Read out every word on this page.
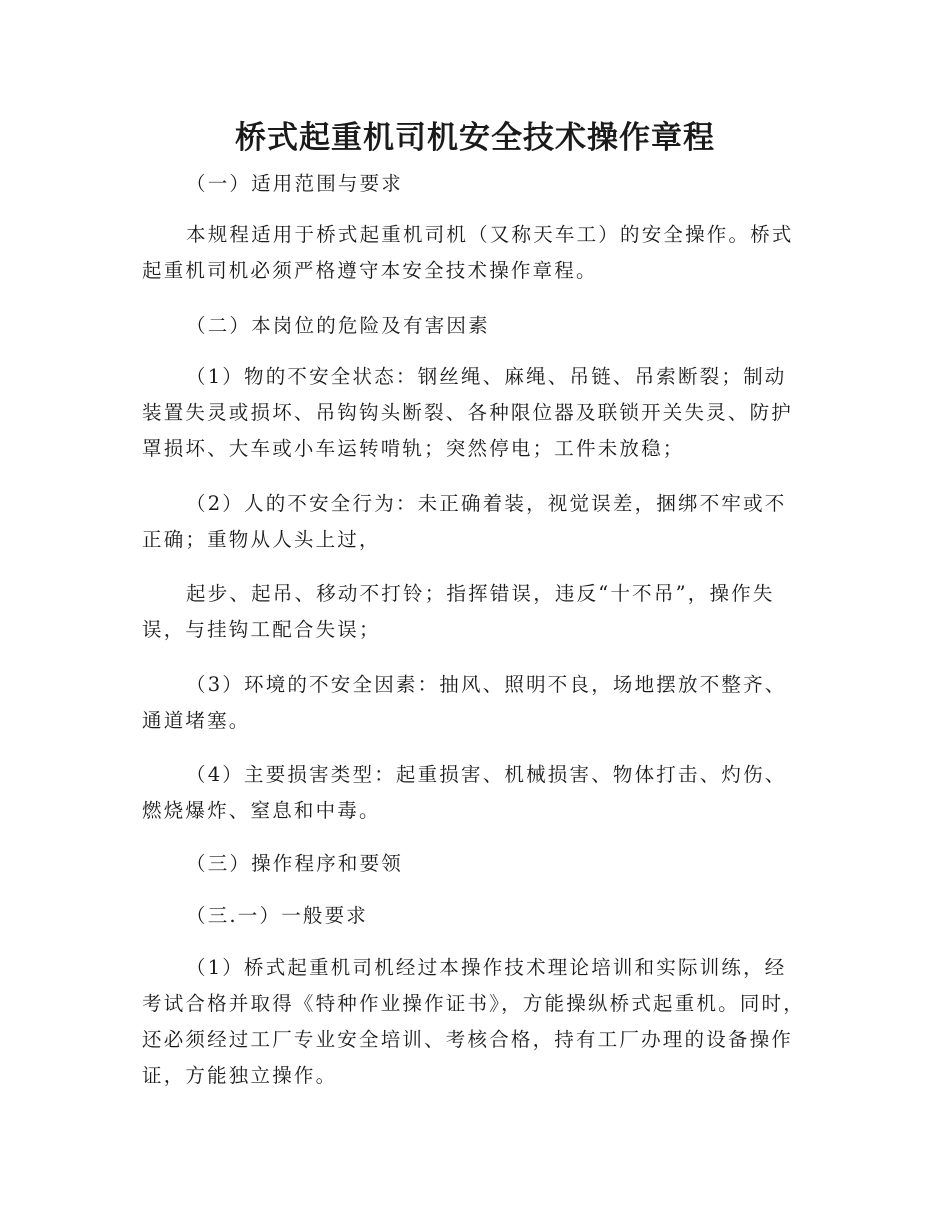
桥式起重机司机安全技术操作章程

（一）适用范围与要求

本规程适用于桥式起重机司机（又称天车工）的安全操作。桥式起重机司机必须严格遵守本安全技术操作章程。

（二）本岗位的危险及有害因素

（1）物的不安全状态：钢丝绳、麻绳、吊链、吊索断裂；制动装置失灵或损坏、吊钩钩头断裂、各种限位器及联锁开关失灵、防护罩损坏、大车或小车运转啃轨；突然停电；工件未放稳；

（2）人的不安全行为：未正确着装，视觉误差，捆绑不牢或不正确；重物从人头上过，

起步、起吊、移动不打铃；指挥错误，违反“十不吊”，操作失误，与挂钩工配合失误；

（3）环境的不安全因素：抽风、照明不良，场地摆放不整齐、通道堵塞。

（4）主要损害类型：起重损害、机械损害、物体打击、灼伤、燃烧爆炸、窒息和中毒。

（三）操作程序和要领

（三.一）一般要求

（1）桥式起重机司机经过本操作技术理论培训和实际训练，经考试合格并取得《特种作业操作证书》，方能操纵桥式起重机。同时，还必须经过工厂专业安全培训、考核合格，持有工厂办理的设备操作证，方能独立操作。
